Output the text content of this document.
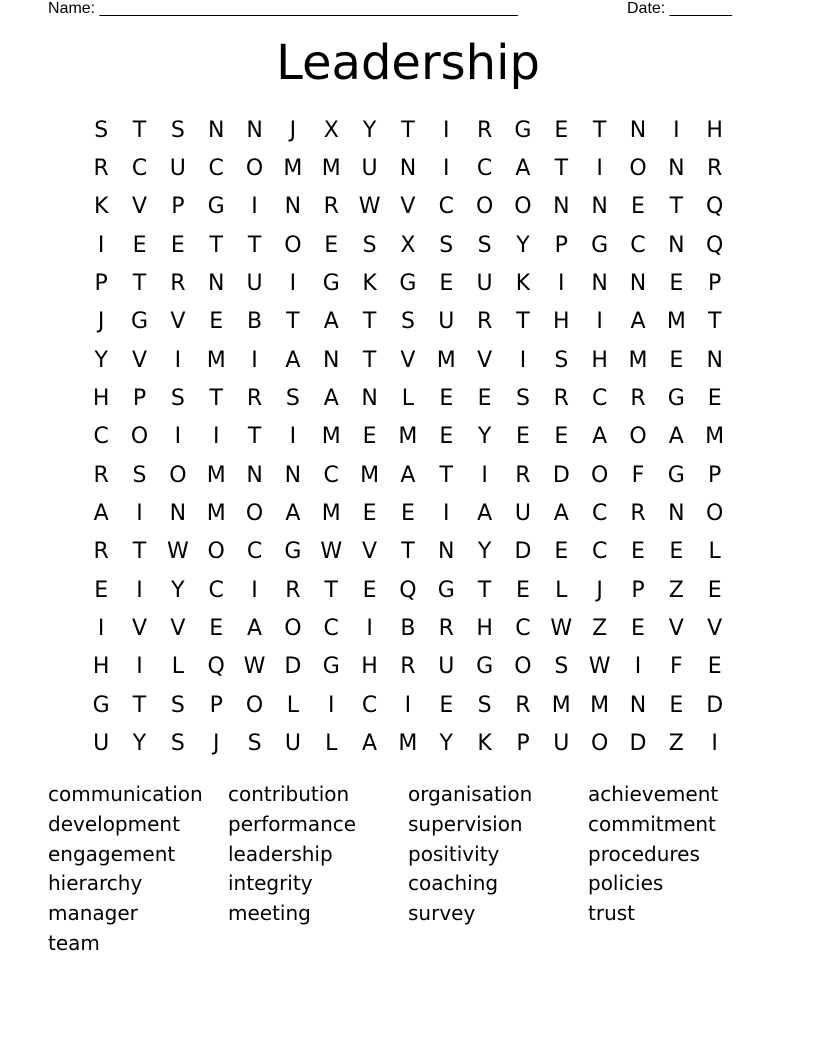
Name: _______________________________________________	Date: _______
Leadership
S	T	S	N N	J	X	Y	T	I	R	G	E	T	N	I	H
R	C	U	C O M M U	N	I	C	A	T	I	O N	R
K	V	P	G	I	N	R W V	C O O N N	E	T	Q
I	E	E	T	T	O	E	S	X	S	S	Y	P	G	C	N Q
P	T	R	N	U	I	G	K	G	E	U	K	I	N N	E	P
J	G	V	E	B	T	A	T	S	U	R	T	H	I	A M	T
Y	V	I	M	I	A	N	T	V M V	I	S	H M E	N
H	P	S	T	R	S	A	N	L	E	E	S	R	C	R	G	E
C O	I	I	T	I	M E M E	Y	E	E	A	O	A M
R	S	O M N N	C M A	T	I	R	D O	F	G	P
A	I	N M O	A M E	E	I	A	U	A	C	R	N O
R	T W O	C	G W V	T	N	Y	D	E	C	E	E	L
E	I	Y	C	I	R	T	E	Q G	T	E	L	J	P	Z	E
I	V	V	E	A	O	C	I	B	R	H	C W Z	E	V	V
H	I	L	Q W D G H	R	U G O	S W	I	F	E
G	T	S	P	O	L	I	C	I	E	S	R M M N	E	D
U	Y	S	J	S	U	L	A M	Y	K	P	U O D	Z	I
communication	contribution	organisation	achievement
development	performance	supervision	commitment
engagement	leadership	positivity	procedures
hierarchy	integrity	coaching	policies
manager	meeting	survey	trust
team
